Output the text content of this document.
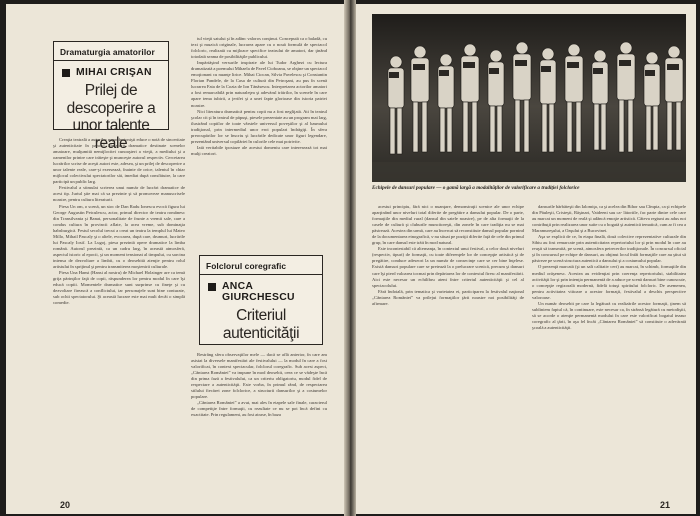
Dramaturgia amatorilor
MIHAI CRIŞAN
Prilej de descoperire a unor talente reale

Creaţia teatrală a autorilor neprofesionişti educe o notă de sinceritate şi autenticitate în panoul literaturii dramatice destinate scenelor amatoare, mulţumită nemijlocitei cunoaşteri a vieţii, a mediului şi a oamenilor printre care trăieşte şi munceşte autorul respectiv. Cercetarea lucrărilor scrise de aceşti autori este, adesea, şi un prilej de descoperire a unor talente reale, care-şi exersează, înainte de orice, talentul în chiar mijlocul colectivului spectatorilor săi, imediat după consfătuire, la care participă un public larg.

Festivalul a stimulat scrierea unui număr de lucrări dramatice de acest tip. Juriul ştie mai că sa prezinte şi să promoveze manuscrisele noastre, pentru cultura literaturii.

Piesa Un om, o scenă, un stoc de Dan Radu Ionescu evocă figura lui George Augustin Petculescu, actor, primul director de teatru românesc din Transilvania şi Banat, personalitate de frunte a vremii sale, care a condus cultura în provincii aflate, la acea vreme, sub dominaţia habsburgică. Festul secolul trecut a creat un teatru la templul lui Mateo Millo, Mihail Pascaly şi o altele, evocarea, după care, drumuri, lucrările lui Pascaly Iosif. La Lugoj, piesa prezintă opere dramatice la limba română. Autorul prezintă, ca un cadru larg, în această atmosferă, aspectul istoric al epocii, şi un moment tensionat al timpului, cu sarcina intensa de dezvoltare a limbii, cu o deosebită atenţie pentru rolul artistului în sprijinul şi pentru transmiterea moştenirii culturale.

Piesa Una Hansi (Hansi al nostru) de Michael Holzinger are ca temă grija părinţilor faţă de copii, răspunderea lor pentru modul în care îşi educă copiii. Momentele dramatice sunt surprinse cu fineţe şi cu dezvoltare firească a conflictului, iar personajele sunt bine conturate, sub ochii spectatorului. Şi această lucrare este mai mult decât o simplă comedie.

tul vieţii satului şi în adânc valoros conţinut. Concepută ca o baladă, cu text şi muzică originale, lucrarea apare cu o nouă formulă de spectacol folcloric, realizată cu mijloace specifice teatrului de amatori, dar ţinând totodată seama de posibilităţile publicului.

Impărtăşind versurile inspirate ale lui Tudor Arghezi cu lectura dramatizată a poemului Mihaela de Pavel Cioboanu, se obţine un spectacol emoţionant cu nuanţe lirice. Mihai Ciocan, Silvia Pavelescu şi Constantin Florian Pandele, de la Casa de cultură din Petroşani, au pus în scenă lucrarea Fata de la Cozia de Ion Tănăsescu. Interpretarea actorilor amatori a fost remarcabilă prin naturaleţea şi adevărul trăirilor, în scenele în care apare tema iubirii, a jertfei şi a unei fapte glorioase din istoria patriei noastre.

Nici literatura dramatică pentru copii nu a fost neglijată. Ati în teatrul şcolar cit şi în teatrul de păpuşi, piesele prezentate au un program mai larg, ilustrând copiilor de toate vârstele universul poveştilor şi al basmului tradiţional, prin intermediul unor eroi populari îndrăgiţi. În sfera preocupărilor lor se înscriu şi lucrările dedicate unor figuri legendare, prezentând universul copilăriei în culorile cele mai potrivite.

Iată veritabile ipostaze ale acestui domeniu care interesează tot mai mulţi creatori.

Folclorul coregrafic
ANCA GIURCHESCU
Criteriul autenticităţii

Restrâng sfera observaţiilor mele — dacă se află anterior, în care am asistat la diversele manifestări ale festivalului — la modul în care a fost valorificat, în context spectacular, folclorul coregrafic. Sub acest aspect, „Cântarea României” va impune în mod deosebit, ceea ce se vădeşte încă din prima fază a festivalului, ca un criteriu obligatoriu, modul fidel de respectare a autenticităţii. Este vorba, în primul rând, de respectarea stilului fiecărei zone folclorice, a structurii dansurilor şi a costumelor populare.

„Cântarea României” a avut, mai ales în etapele sale finale, caracterul de competiţie între formaţii, cu rezultate ce nu se pot încă defini cu exactitate. Prin regulament, au fost atrase, în baza

20
Echipele de dansuri populare — o gamă largă a modalităţilor de valorificare a tradiţiei folclorice

acestui principiu, fără nici o nuanţare, demonstraţii scenice ale unor echipe aparţinând unor niveluri total diferite de pregătire a dansului popular. De o parte, formaţiile din mediul rural (dansul din satele noastre), pe de alta formaţii de la casele de cultură şi cluburile muncitoreşti, din zonele în care tradiţia nu se mai păstrează. Acestea din urmă, care au încercat să reconstituie dansul popular pornind de la documentarea etnografică, s-au situat pe poziţii diferite faţă de cele din primul grup, în care dansul este trăit în mod natural.

Este incontestabil că alternanţa, în contextul unui festival, a celor două niveluri (respectiv, tipuri) de formaţii, cu toate diferenţele lor de concepţie artistică şi de pregătire, conduce adeseori la un număr de consecinţe care se cer bine înţelese. Există dansuri populare care se pretează la o prelucrare scenică, precum şi dansuri care îşi pierd valoarea tocmai prin depărtarea lor de contextul firesc al manifestării. Aici este necesar un echilibru atent între criteriul autenticităţii şi cel al spectacolului.

Fără îndoială, prin tematica şi varietatea ei, participarea la festivalul naţional „Cântarea României” va prilejui formaţiilor ţării noastre noi posibilităţi de afirmare.

dansurile bărbăteşti din Ialomiţa, ca şi acelea din Bihor sau Cîmpia, ca şi echipele din Păuleşti, Cristeşti, Răşinari, Vaideeni sau ca- lătoriile, fac parte dintre cele care au marcat un moment de reală şi adâncă emoţie artistică. Câteva regiuni au adus noi contribuţii prin realizarea unor suite cu o bogată şi autentică tematică, cum ar fi cea a Maramureşului, a Oaşului şi a Bucovinei.

Aşa se explică de ce, în etapa finală, două colective reprezentative culturale din Sibiu au fost remarcate prin autenticitatea repertoriului lor şi prin modul în care au reuşit să transmită, pe scenă, atmosfera petrecerilor tradiţionale. În concursul oficial şi în concursul pe echipe de dansuri, au obţinut locul întâi formaţiile care au ştiut să păstreze pe scenă structura autentică a dansului şi a costumului popular.

O prezenţă marcată (şi un salt calitativ cert) au marcat, în schimb, formaţiile din mediul orăşenesc. Acestea au evidenţiat prin coerenţa repertoriului, stabilitatea activităţii lor şi prin intenţia permanentă de a aduce pe scenă dansuri bine cunoscute, o concepţie regizorală modernă, fidelă totuşi spiritului folcloric. De asemenea, pentru activitatea viitoare a acestor formaţii, festivalul a deschis perspective valoroase.

Un număr deosebit pe care la legătură cu realizările acestor formaţii, ţinem să subliniem faptul că, în continuare, este necesar ca, în strânsă legătură cu metodiştii, să se acorde o atenţie permanentă modului în care este valorificat bogatul tezaur coregrafic al ţării, în aşa fel încât „Cântarea României” să constituie o adevărată şcoală a autenticităţii.

21
